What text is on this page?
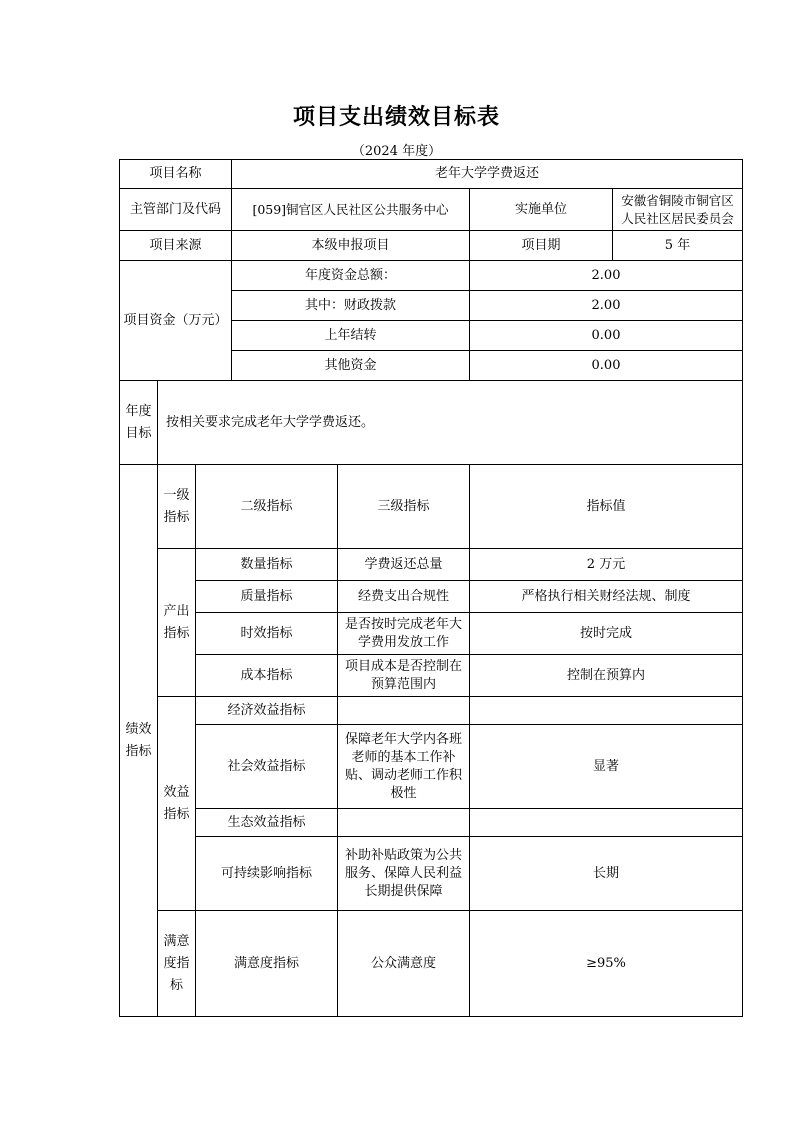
项目支出绩效目标表
（2024 年度）
项目名称			老年大学学费返还			
主管部门及代码			[059]铜官区人民社区公共服务中心		实施单位	安徽省铜陵市铜官区人民社区居民委员会
项目来源			本级申报项目		项目期	5 年
项目资金（万元）			年度资金总额：		2.00	
			其中：财政拨款		2.00	
			上年结转		0.00	
			其他资金		0.00	
年度目标	按相关要求完成老年大学学费返还。					
绩效指标	一级指标	二级指标		三级指标	指标值	
	产出指标	数量指标		学费返还总量	2 万元	
		质量指标		经费支出合规性	严格执行相关财经法规、制度	
		时效指标		是否按时完成老年大学费用发放工作	按时完成	
		成本指标		项目成本是否控制在预算范围内	控制在预算内	
	效益指标	经济效益指标				
		社会效益指标		保障老年大学内各班老师的基本工作补贴、调动老师工作积极性	显著	
		生态效益指标				
		可持续影响指标		补助补贴政策为公共服务、保障人民利益长期提供保障	长期	
	满意度指标	满意度指标		公众满意度	≥95%	
